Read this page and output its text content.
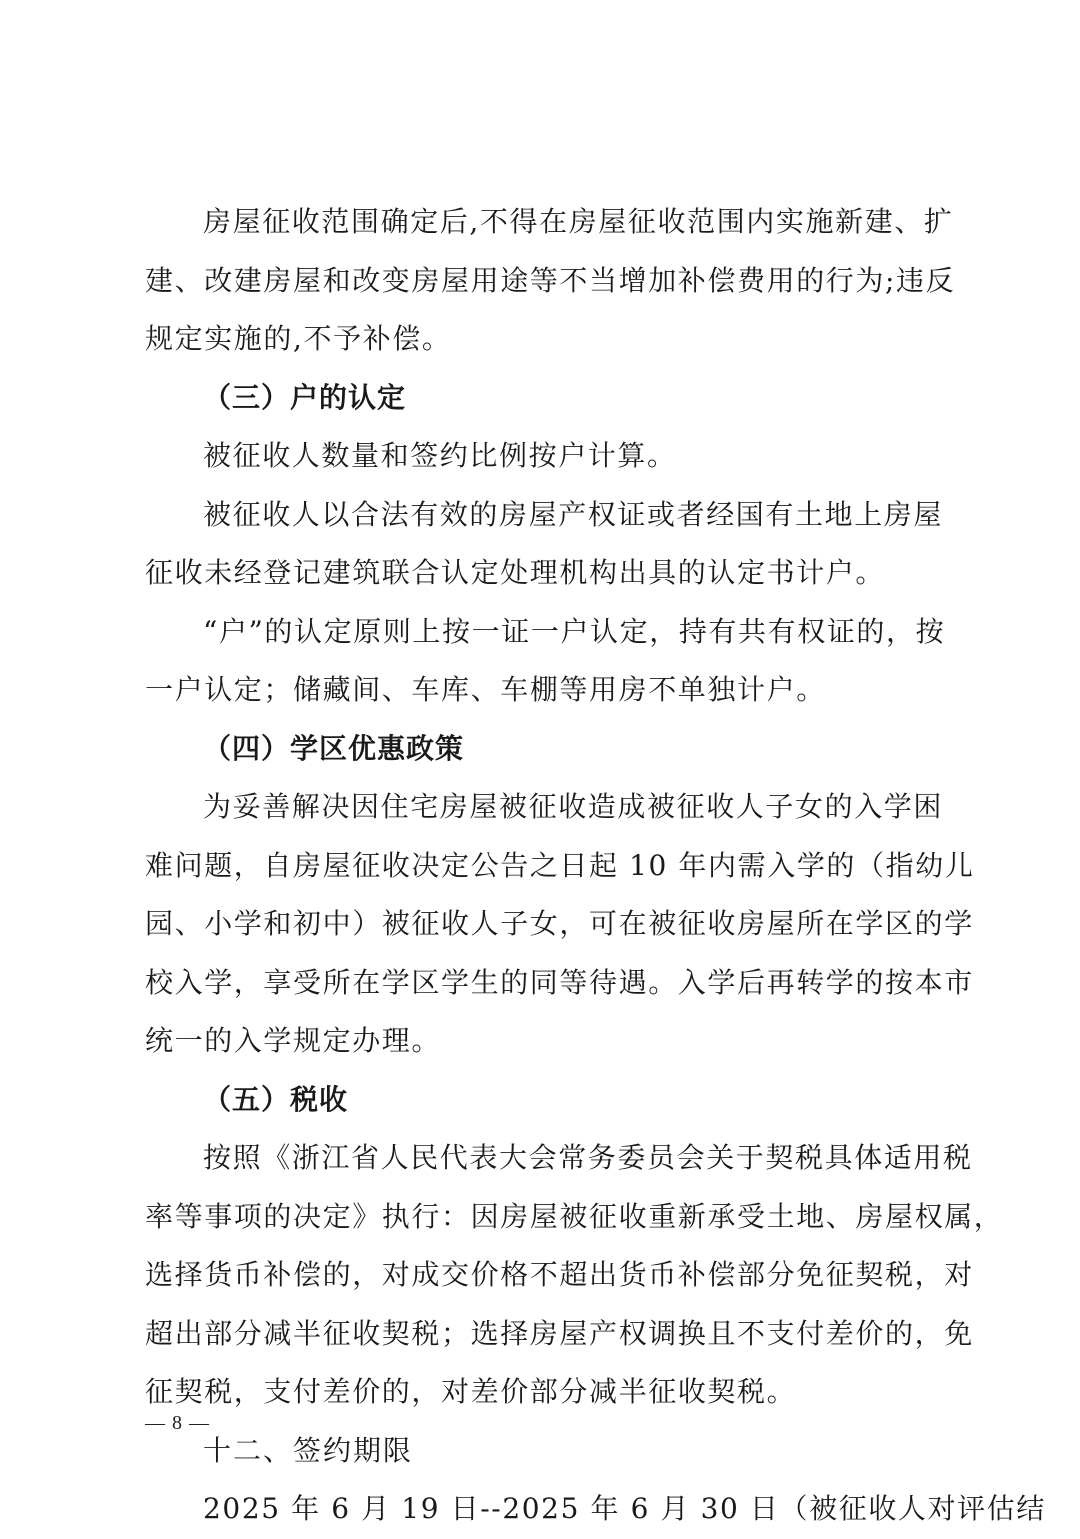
房屋征收范围确定后,不得在房屋征收范围内实施新建、扩
建、改建房屋和改变房屋用途等不当增加补偿费用的行为;违反
规定实施的,不予补偿。
（三）户的认定
被征收人数量和签约比例按户计算。
被征收人以合法有效的房屋产权证或者经国有土地上房屋
征收未经登记建筑联合认定处理机构出具的认定书计户。
“户”的认定原则上按一证一户认定，持有共有权证的，按
一户认定；储藏间、车库、车棚等用房不单独计户。
（四）学区优惠政策
为妥善解决因住宅房屋被征收造成被征收人子女的入学困
难问题，自房屋征收决定公告之日起 10 年内需入学的（指幼儿
园、小学和初中）被征收人子女，可在被征收房屋所在学区的学
校入学，享受所在学区学生的同等待遇。入学后再转学的按本市
统一的入学规定办理。
（五）税收
按照《浙江省人民代表大会常务委员会关于契税具体适用税
率等事项的决定》执行：因房屋被征收重新承受土地、房屋权属，
选择货币补偿的，对成交价格不超出货币补偿部分免征契税，对
超出部分减半征收契税；选择房屋产权调换且不支付差价的，免
征契税，支付差价的，对差价部分减半征收契税。
十二、签约期限
2025 年 6 月 19 日--2025 年 6 月 30 日（被征收人对评估结
— 8 —
